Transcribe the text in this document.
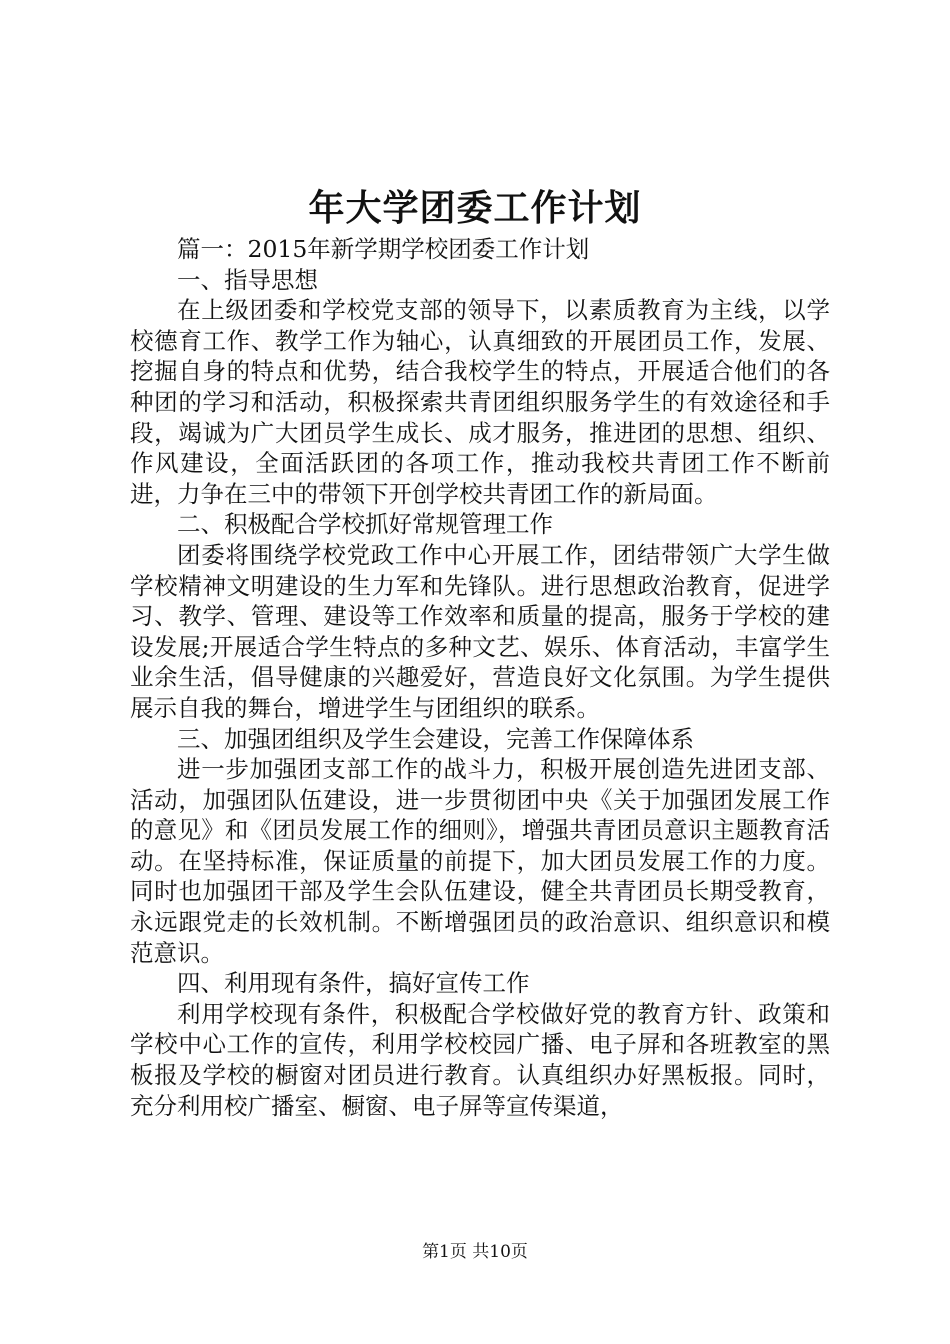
年大学团委工作计划

篇一：2015年新学期学校团委工作计划

一、指导思想

在上级团委和学校党支部的领导下，以素质教育为主线，以学校德育工作、教学工作为轴心，认真细致的开展团员工作，发展、挖掘自身的特点和优势，结合我校学生的特点，开展适合他们的各种团的学习和活动，积极探索共青团组织服务学生的有效途径和手段，竭诚为广大团员学生成长、成才服务，推进团的思想、组织、作风建设，全面活跃团的各项工作，推动我校共青团工作不断前进，力争在三中的带领下开创学校共青团工作的新局面。

二、积极配合学校抓好常规管理工作

团委将围绕学校党政工作中心开展工作，团结带领广大学生做学校精神文明建设的生力军和先锋队。进行思想政治教育，促进学习、教学、管理、建设等工作效率和质量的提高，服务于学校的建设发展;开展适合学生特点的多种文艺、娱乐、体育活动，丰富学生业余生活，倡导健康的兴趣爱好，营造良好文化氛围。为学生提供展示自我的舞台，增进学生与团组织的联系。

三、加强团组织及学生会建设，完善工作保障体系

进一步加强团支部工作的战斗力，积极开展创造先进团支部、活动，加强团队伍建设，进一步贯彻团中央《关于加强团发展工作的意见》和《团员发展工作的细则》，增强共青团员意识主题教育活动。在坚持标准，保证质量的前提下，加大团员发展工作的力度。同时也加强团干部及学生会队伍建设，健全共青团员长期受教育，永远跟党走的长效机制。不断增强团员的政治意识、组织意识和模范意识。

四、利用现有条件，搞好宣传工作

利用学校现有条件，积极配合学校做好党的教育方针、政策和学校中心工作的宣传，利用学校校园广播、电子屏和各班教室的黑板报及学校的橱窗对团员进行教育。认真组织办好黑板报。同时，充分利用校广播室、橱窗、电子屏等宣传渠道，

第1页 共10页
